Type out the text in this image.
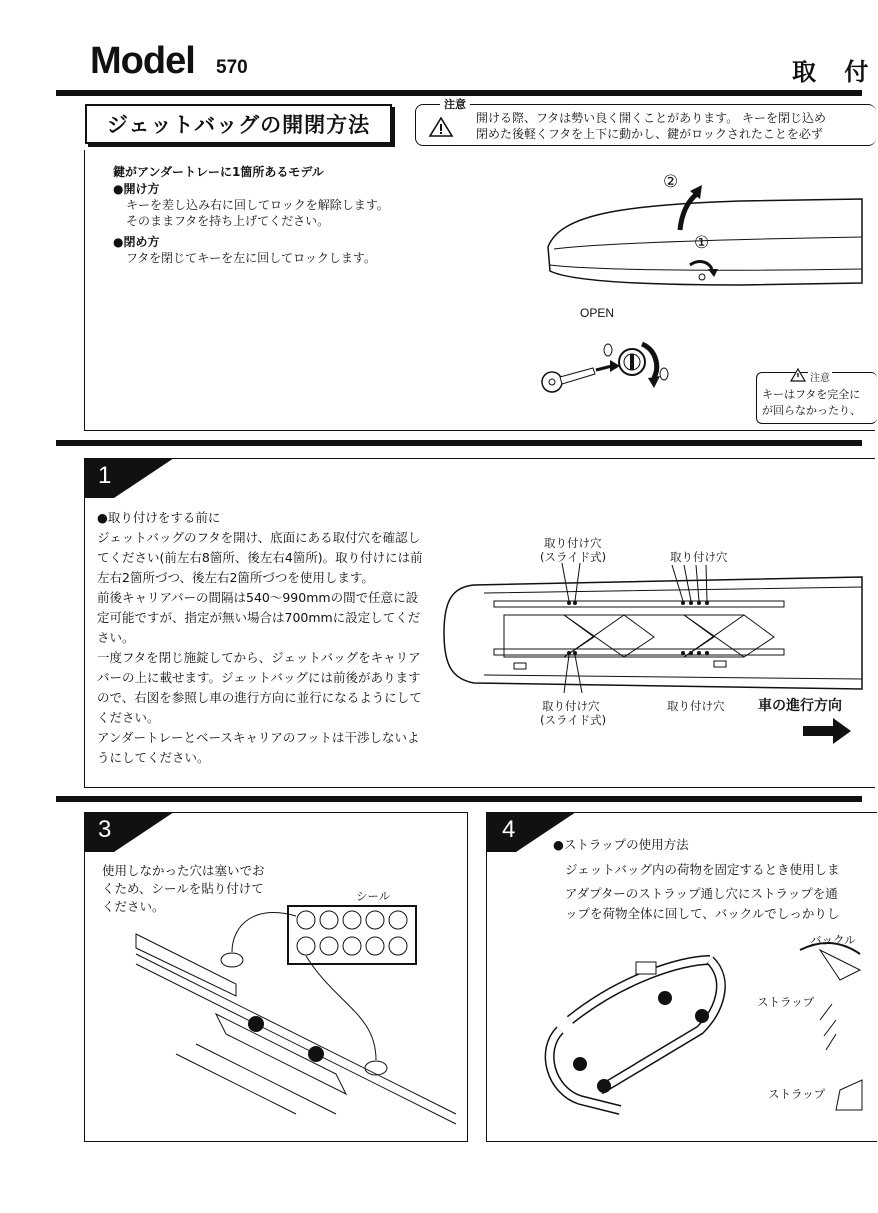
Model 570	取 付
ジェットバッグの開閉方法
注意
開ける際、フタは勢い良く開くことがあります。 キーを閉じ込め
閉めた後軽くフタを上下に動かし、鍵がロックされたことを必ず
鍵がアンダートレーに1箇所あるモデル
●開け方
キーを差し込み右に回してロックを解除します。
そのままフタを持ち上げてください。
●閉め方
フタを閉じてキーを左に回してロックします。
②
①
OPEN
注意
キーはフタを完全に
が回らなかったり、
1
●取り付けをする前に

ジェットバッグのフタを開け、底面にある取付穴を確認してください(前左右8箇所、後左右4箇所)。取り付けには前左右2箇所づつ、後左右2箇所づつを使用します。

前後キャリアバーの間隔は540～990mmの間で任意に設定可能ですが、指定が無い場合は700mmに設定してください。

一度フタを閉じ施錠してから、ジェットバッグをキャリアバーの上に載せます。ジェットバッグには前後がありますので、右図を参照し車の進行方向に並行になるようにしてください。

アンダートレーとベースキャリアのフットは干渉しないようにしてください。

取り付け穴
(スライド式)	取り付け穴
取り付け穴
(スライド式)
取り付け穴 車の進行方向
3
使用しなかった穴は塞いでお
くため、シールを貼り付けて
ください。
シール
4
●ストラップの使用方法
ジェットバッグ内の荷物を固定するとき使用しま
アダプターのストラップ通し穴にストラップを通
ップを荷物全体に回して、バックルでしっかりし
バックル
ストラップ
ストラップ
